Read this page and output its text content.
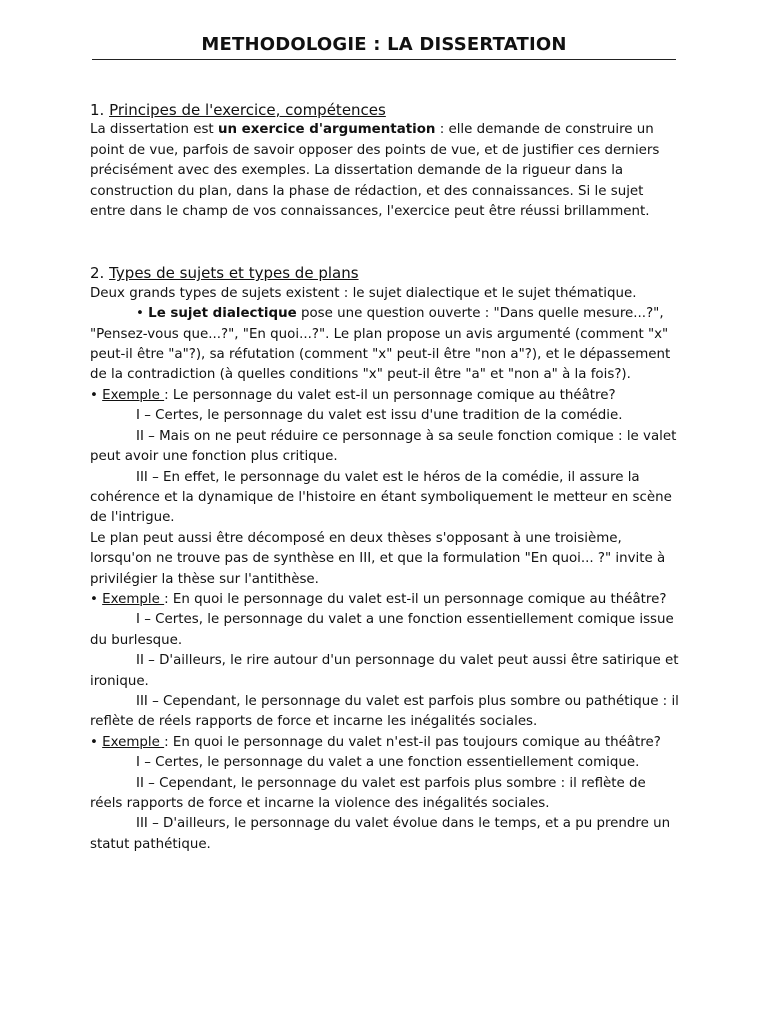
METHODOLOGIE : LA DISSERTATION

1. Principes de l'exercice, compétences

La dissertation est un exercice d'argumentation : elle demande de construire un point de vue, parfois de savoir opposer des points de vue, et de justifier ces derniers précisément avec des exemples. La dissertation demande de la rigueur dans la construction du plan, dans la phase de rédaction, et des connaissances. Si le sujet entre dans le champ de vos connaissances, l'exercice peut être réussi brillamment.

2. Types de sujets et types de plans

Deux grands types de sujets existent : le sujet dialectique et le sujet thématique.

• Le sujet dialectique pose une question ouverte : "Dans quelle mesure...?", "Pensez-vous que...?", "En quoi...?". Le plan propose un avis argumenté (comment "x" peut-il être "a"?), sa réfutation (comment "x" peut-il être "non a"?), et le dépassement de la contradiction (à quelles conditions "x" peut-il être "a" et "non a" à la fois?).

• Exemple : Le personnage du valet est-il un personnage comique au théâtre?

I – Certes, le personnage du valet est issu d'une tradition de la comédie.

II – Mais on ne peut réduire ce personnage à sa seule fonction comique : le valet peut avoir une fonction plus critique.

III – En effet, le personnage du valet est le héros de la comédie, il assure la cohérence et la dynamique de l'histoire en étant symboliquement le metteur en scène de l'intrigue.

Le plan peut aussi être décomposé en deux thèses s'opposant à une troisième, lorsqu'on ne trouve pas de synthèse en III, et que la formulation "En quoi... ?" invite à privilégier la thèse sur l'antithèse.

• Exemple : En quoi le personnage du valet est-il un personnage comique au théâtre?

I – Certes, le personnage du valet a une fonction essentiellement comique issue du burlesque.

II – D'ailleurs, le rire autour d'un personnage du valet peut aussi être satirique et ironique.

III – Cependant, le personnage du valet est parfois plus sombre ou pathétique : il reflète de réels rapports de force et incarne les inégalités sociales.

• Exemple : En quoi le personnage du valet n'est-il pas toujours comique au théâtre?

I – Certes, le personnage du valet a une fonction essentiellement comique.

II – Cependant, le personnage du valet est parfois plus sombre : il reflète de réels rapports de force et incarne la violence des inégalités sociales.

III – D'ailleurs, le personnage du valet évolue dans le temps, et a pu prendre un statut pathétique.
